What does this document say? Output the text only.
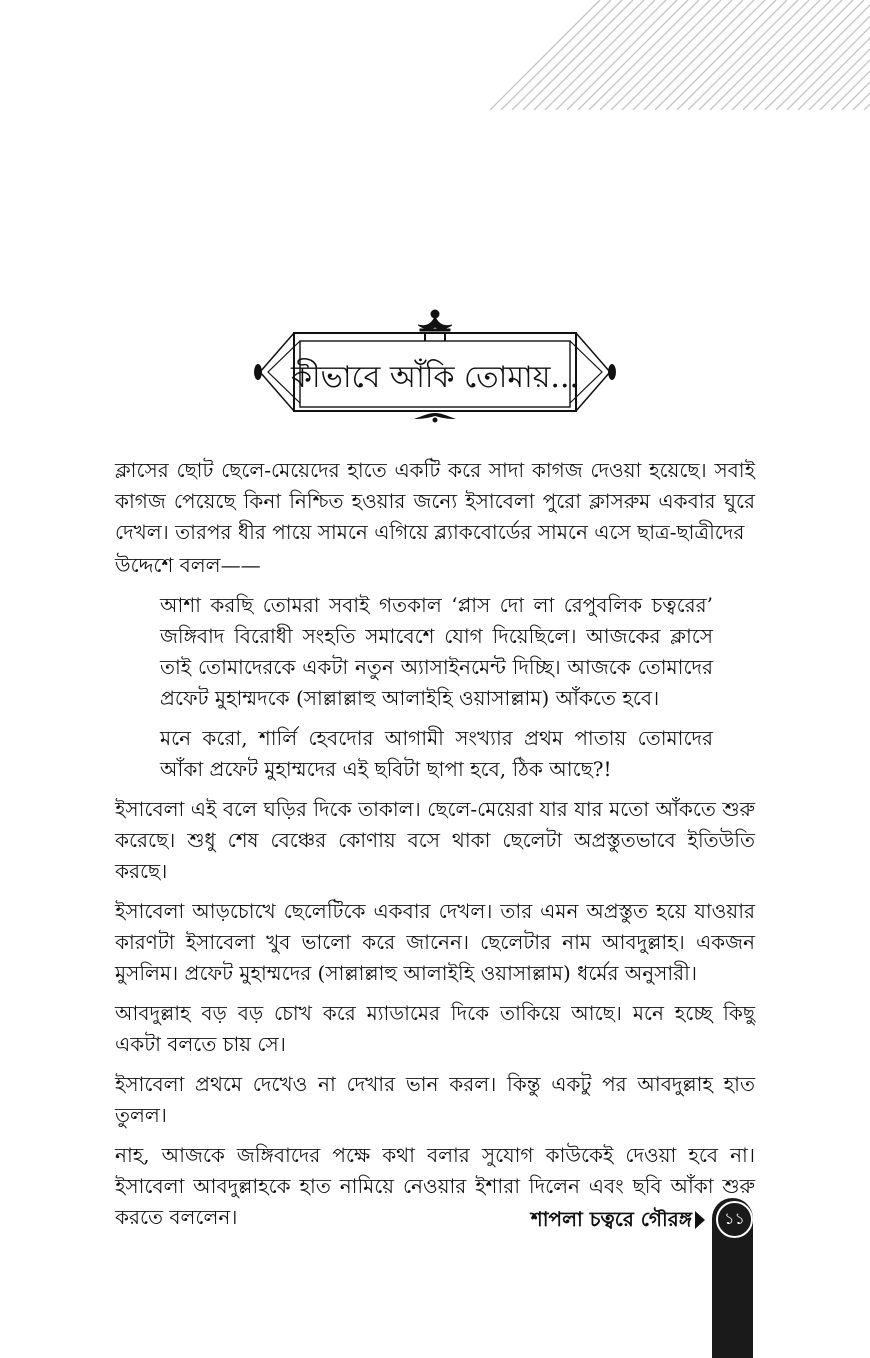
কীভাবে আঁকি তোমায়...

ক্লাসের ছোট ছেলে-মেয়েদের হাতে একটি করে সাদা কাগজ দেওয়া হয়েছে। সবাই কাগজ পেয়েছে কিনা নিশ্চিত হওয়ার জন্যে ইসাবেলা পুরো ক্লাসরুম একবার ঘুরে দেখল। তারপর ধীর পায়ে সামনে এগিয়ে ব্ল্যাকবোর্ডের সামনে এসে ছাত্র-ছাত্রীদের

উদ্দেশে বলল——

আশা করছি তোমরা সবাই গতকাল ‘প্লাস দো লা রেপুবলিক চত্বরের’ জঙ্গিবাদ বিরোধী সংহতি সমাবেশে যোগ দিয়েছিলে। আজকের ক্লাসে তাই তোমাদেরকে একটা নতুন অ্যাসাইনমেন্ট দিচ্ছি। আজকে তোমাদের প্রফেট মুহাম্মদকে (সাল্লাল্লাহু আলাইহি ওয়াসাল্লাম) আঁকতে হবে।

মনে করো, শার্লি হেবদোর আগামী সংখ্যার প্রথম পাতায় তোমাদের আঁকা প্রফেট মুহাম্মদের এই ছবিটা ছাপা হবে, ঠিক আছে?!

ইসাবেলা এই বলে ঘড়ির দিকে তাকাল। ছেলে-মেয়েরা যার যার মতো আঁকতে শুরু করেছে। শুধু শেষ বেঞ্চের কোণায় বসে থাকা ছেলেটা অপ্রস্তুতভাবে ইতিউতি করছে।

ইসাবেলা আড়চোখে ছেলেটিকে একবার দেখল। তার এমন অপ্রস্তুত হয়ে যাওয়ার কারণটা ইসাবেলা খুব ভালো করে জানেন। ছেলেটার নাম আবদুল্লাহ। একজন মুসলিম। প্রফেট মুহাম্মদের (সাল্লাল্লাহু আলাইহি ওয়াসাল্লাম) ধর্মের অনুসারী।

আবদুল্লাহ বড় বড় চোখ করে ম্যাডামের দিকে তাকিয়ে আছে। মনে হচ্ছে কিছু একটা বলতে চায় সে।

ইসাবেলা প্রথমে দেখেও না দেখার ভান করল। কিন্তু একটু পর আবদুল্লাহ হাত তুলল।

নাহ, আজকে জঙ্গিবাদের পক্ষে কথা বলার সুযোগ কাউকেই দেওয়া হবে না। ইসাবেলা আবদুল্লাহকে হাত নামিয়ে নেওয়ার ইশারা দিলেন এবং ছবি আঁকা শুরু করতে বললেন।	শাপলা চত্বরে গৌরঙ্গ	১১
